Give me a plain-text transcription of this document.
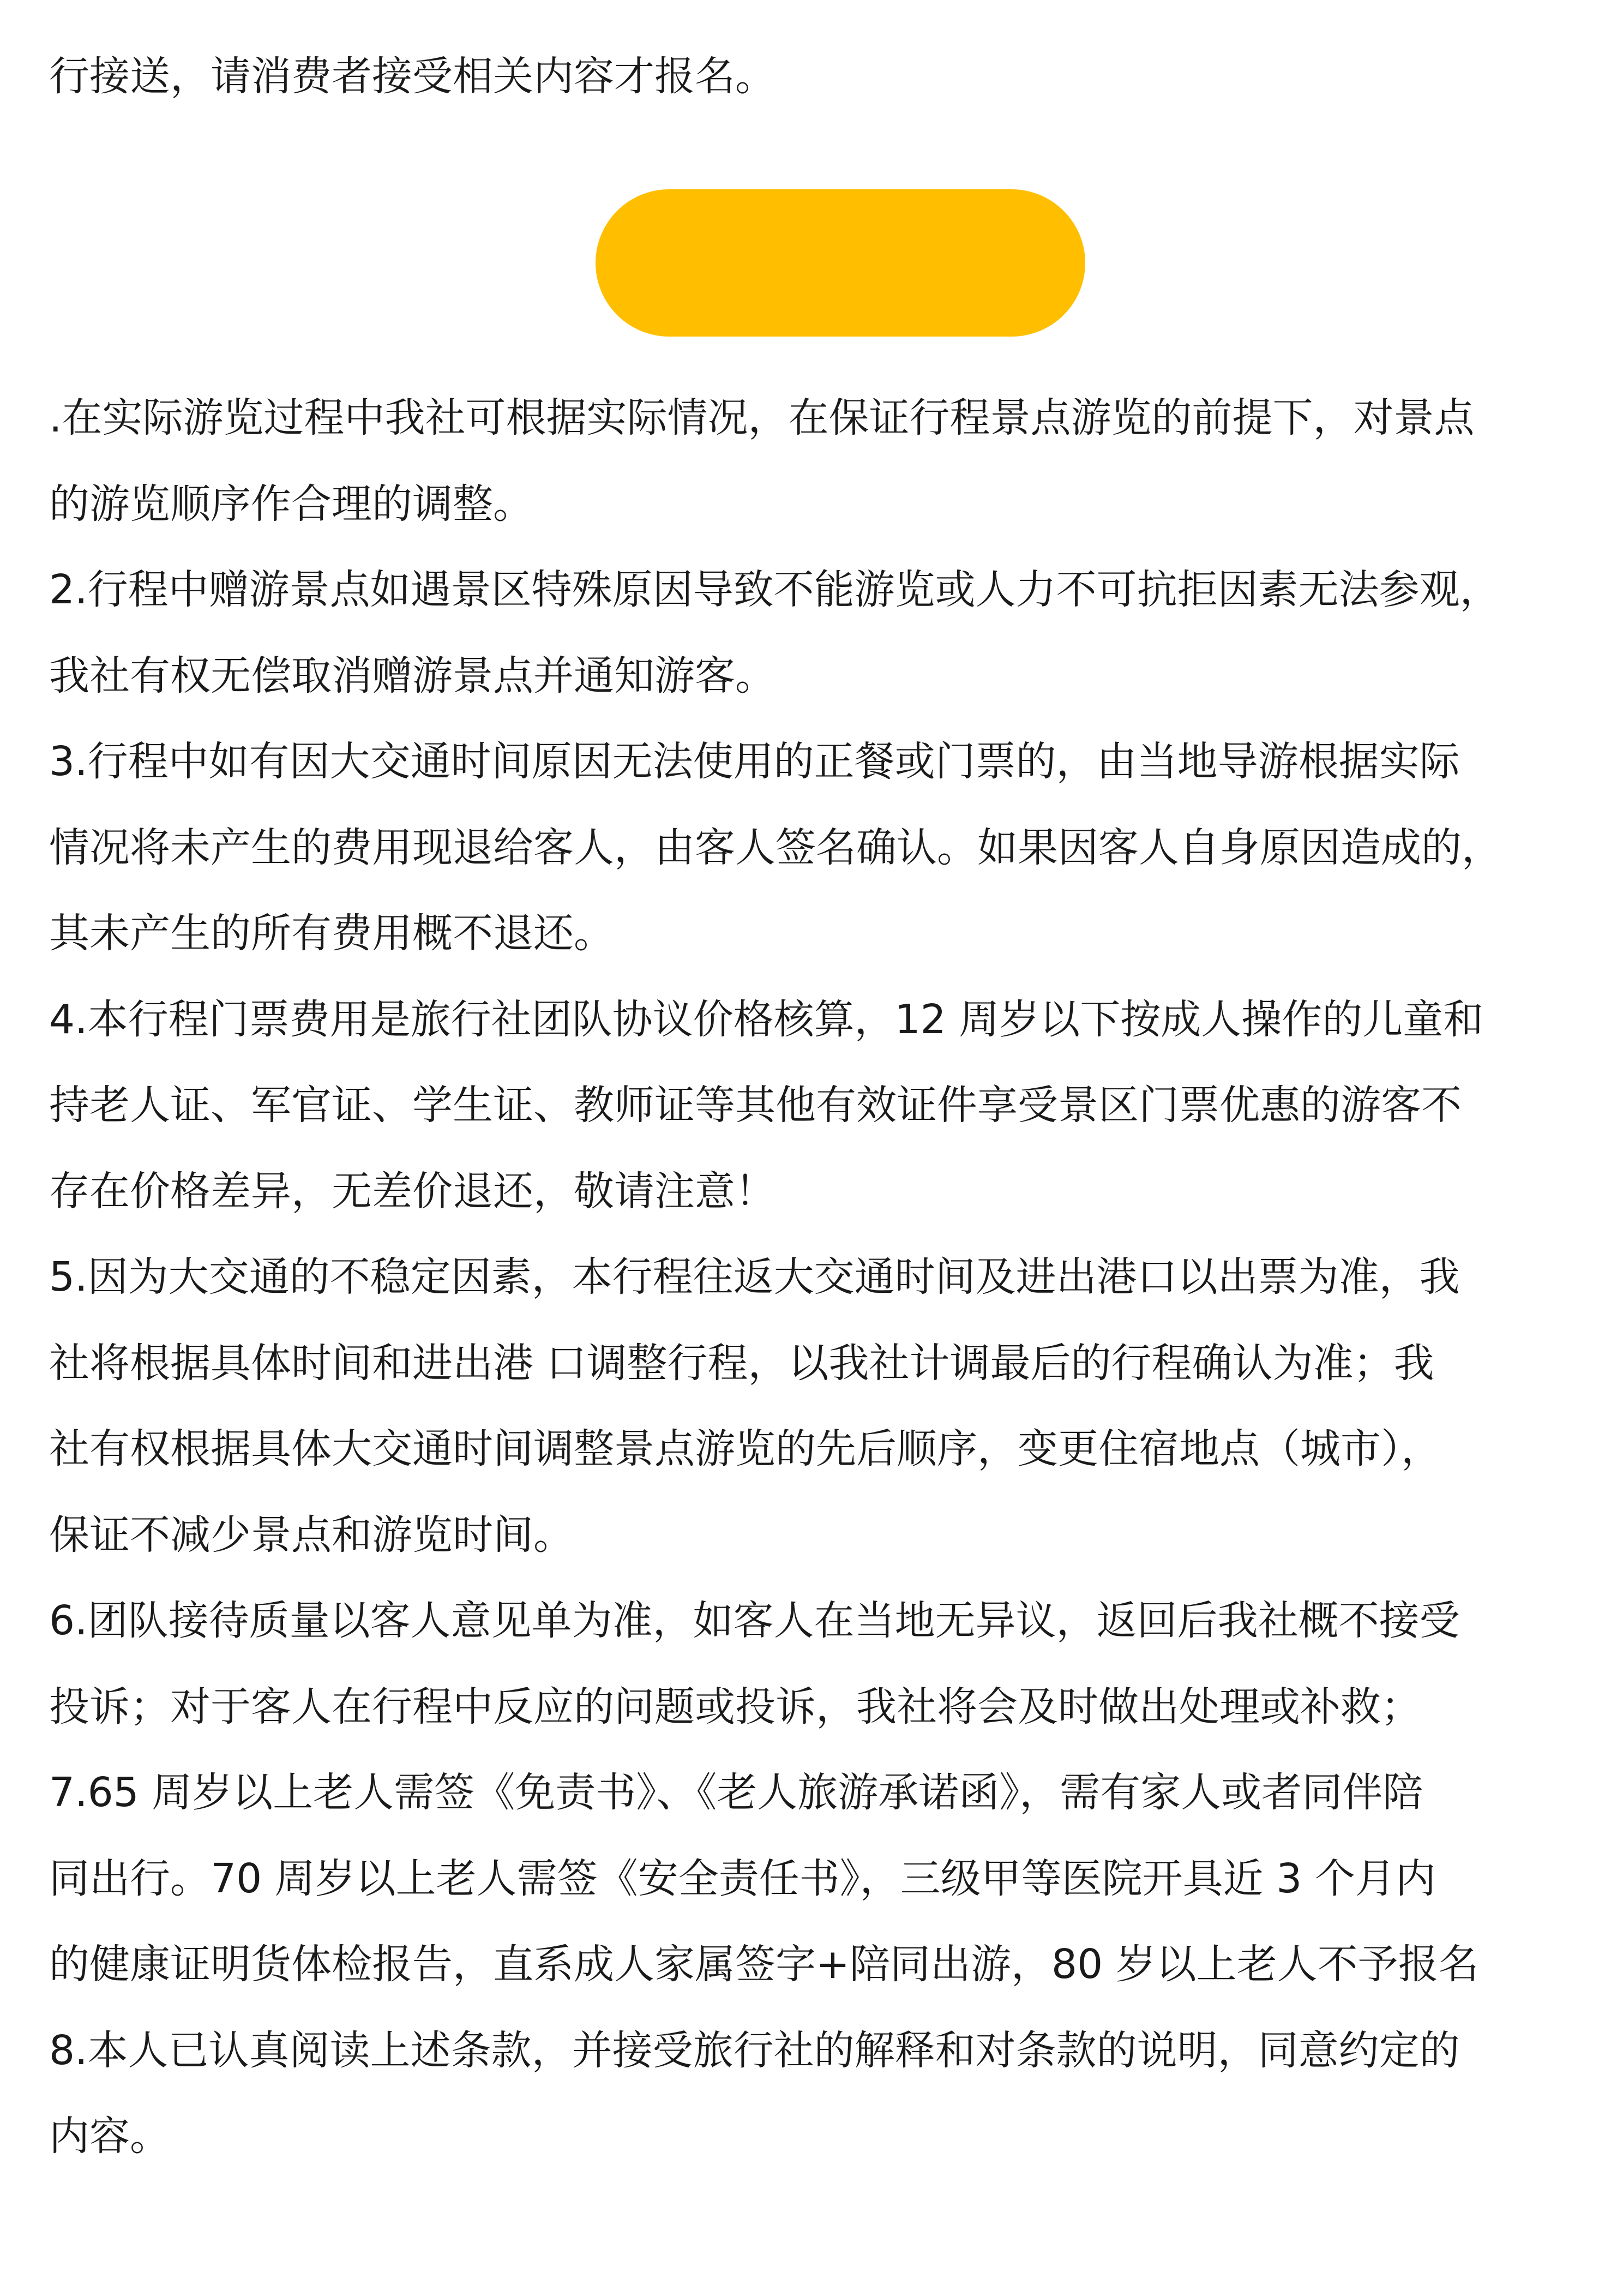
行接送，请消费者接受相关内容才报名。

.在实际游览过程中我社可根据实际情况，在保证行程景点游览的前提下，对景点
的游览顺序作合理的调整。
2.行程中赠游景点如遇景区特殊原因导致不能游览或人力不可抗拒因素无法参观，
我社有权无偿取消赠游景点并通知游客。
3.行程中如有因大交通时间原因无法使用的正餐或门票的，由当地导游根据实际
情况将未产生的费用现退给客人，由客人签名确认。如果因客人自身原因造成的，
其未产生的所有费用概不退还。
4.本行程门票费用是旅行社团队协议价格核算，12 周岁以下按成人操作的儿童和
持老人证、军官证、学生证、教师证等其他有效证件享受景区门票优惠的游客不
存在价格差异，无差价退还，敬请注意！
5.因为大交通的不稳定因素，本行程往返大交通时间及进出港口以出票为准，我
社将根据具体时间和进出港 口调整行程，以我社计调最后的行程确认为准；我
社有权根据具体大交通时间调整景点游览的先后顺序，变更住宿地点（城市），
保证不减少景点和游览时间。
6.团队接待质量以客人意见单为准，如客人在当地无异议，返回后我社概不接受
投诉；对于客人在行程中反应的问题或投诉，我社将会及时做出处理或补救；
7.65 周岁以上老人需签《免责书》、《老人旅游承诺函》，需有家人或者同伴陪
同出行。70 周岁以上老人需签《安全责任书》，三级甲等医院开具近 3 个月内
的健康证明货体检报告，直系成人家属签字+陪同出游，80 岁以上老人不予报名
8.本人已认真阅读上述条款，并接受旅行社的解释和对条款的说明，同意约定的
内容。
